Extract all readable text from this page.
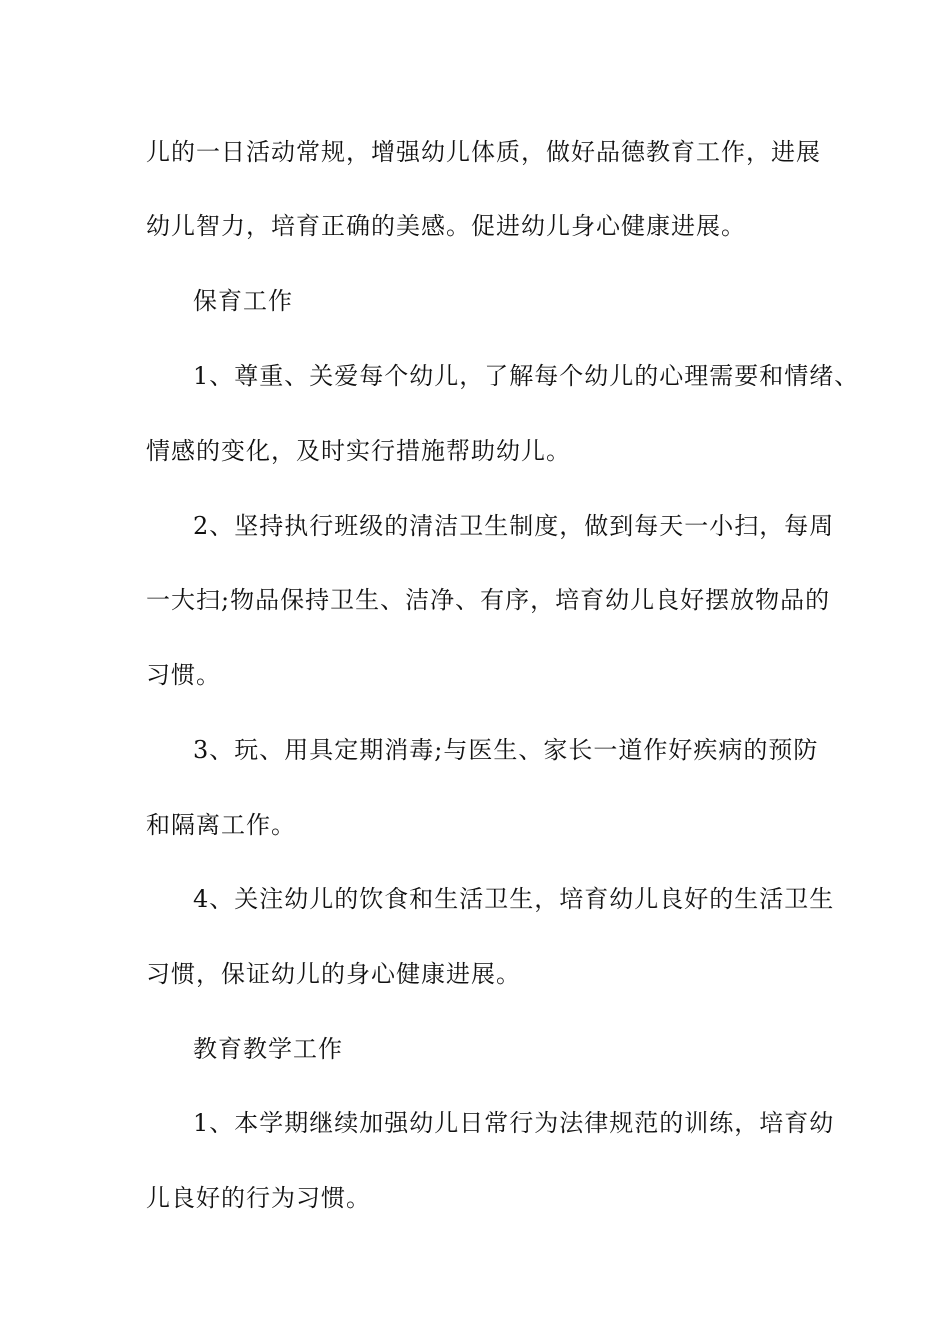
儿的一日活动常规，增强幼儿体质，做好品德教育工作，进展
幼儿智力，培育正确的美感。促进幼儿身心健康进展。
保育工作
1、尊重、关爱每个幼儿，了解每个幼儿的心理需要和情绪、
情感的变化，及时实行措施帮助幼儿。
2、坚持执行班级的清洁卫生制度，做到每天一小扫，每周
一大扫;物品保持卫生、洁净、有序，培育幼儿良好摆放物品的
习惯。
3、玩、用具定期消毒;与医生、家长一道作好疾病的预防
和隔离工作。
4、关注幼儿的饮食和生活卫生，培育幼儿良好的生活卫生
习惯，保证幼儿的身心健康进展。
教育教学工作
1、本学期继续加强幼儿日常行为法律规范的训练，培育幼
儿良好的行为习惯。
